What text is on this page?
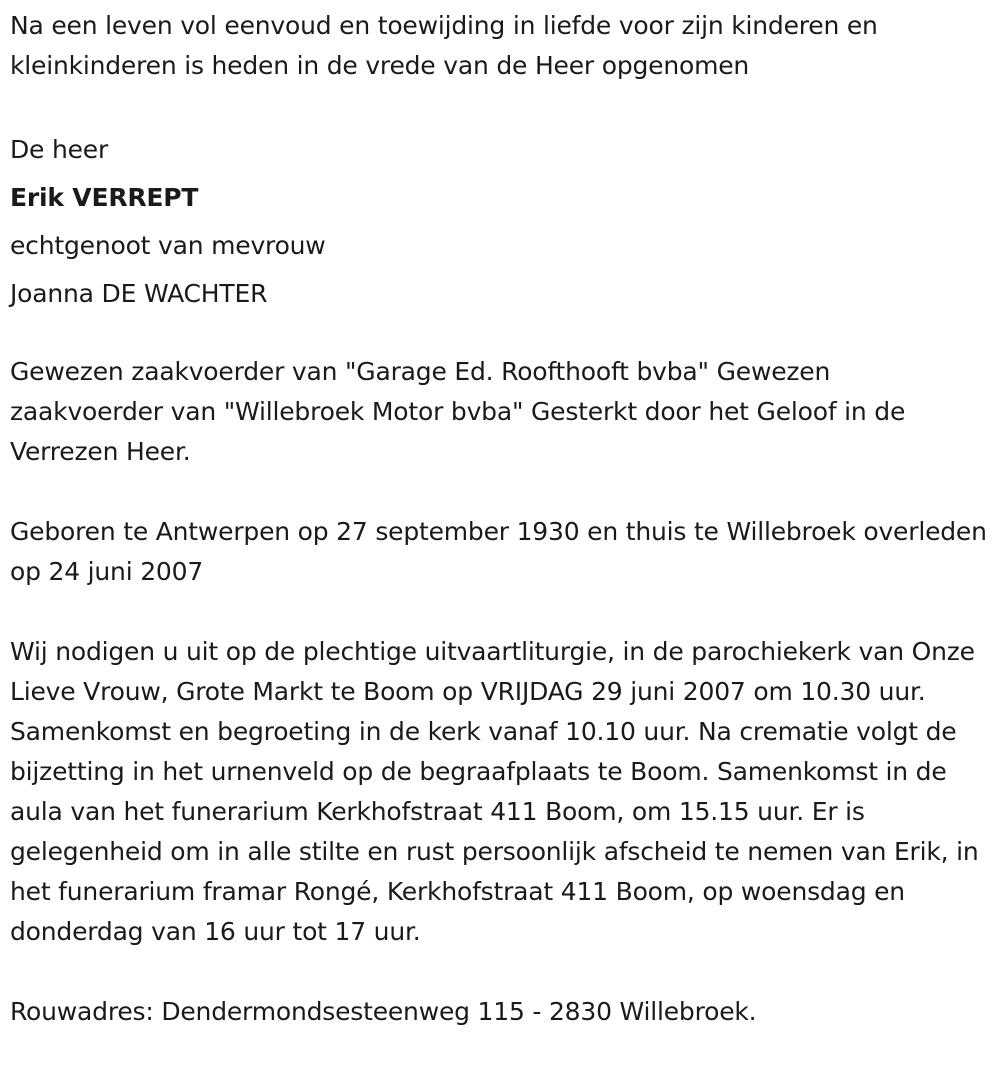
Na een leven vol eenvoud en toewijding in liefde voor zijn kinderen en kleinkinderen is heden in de vrede van de Heer opgenomen

De heer

Erik VERREPT

echtgenoot van mevrouw

Joanna DE WACHTER

Gewezen zaakvoerder van "Garage Ed. Roofthooft bvba" Gewezen zaakvoerder van "Willebroek Motor bvba" Gesterkt door het Geloof in de Verrezen Heer.

Geboren te Antwerpen op 27 september 1930 en thuis te Willebroek overleden op 24 juni 2007

Wij nodigen u uit op de plechtige uitvaartliturgie, in de parochiekerk van Onze Lieve Vrouw, Grote Markt te Boom op VRIJDAG 29 juni 2007 om 10.30 uur. Samenkomst en begroeting in de kerk vanaf 10.10 uur. Na crematie volgt de bijzetting in het urnenveld op de begraafplaats te Boom. Samenkomst in de aula van het funerarium Kerkhofstraat 411 Boom, om 15.15 uur. Er is gelegenheid om in alle stilte en rust persoonlijk afscheid te nemen van Erik, in het funerarium framar Rongé, Kerkhofstraat 411 Boom, op woensdag en donderdag van 16 uur tot 17 uur.

Rouwadres: Dendermondsesteenweg 115 - 2830 Willebroek.
